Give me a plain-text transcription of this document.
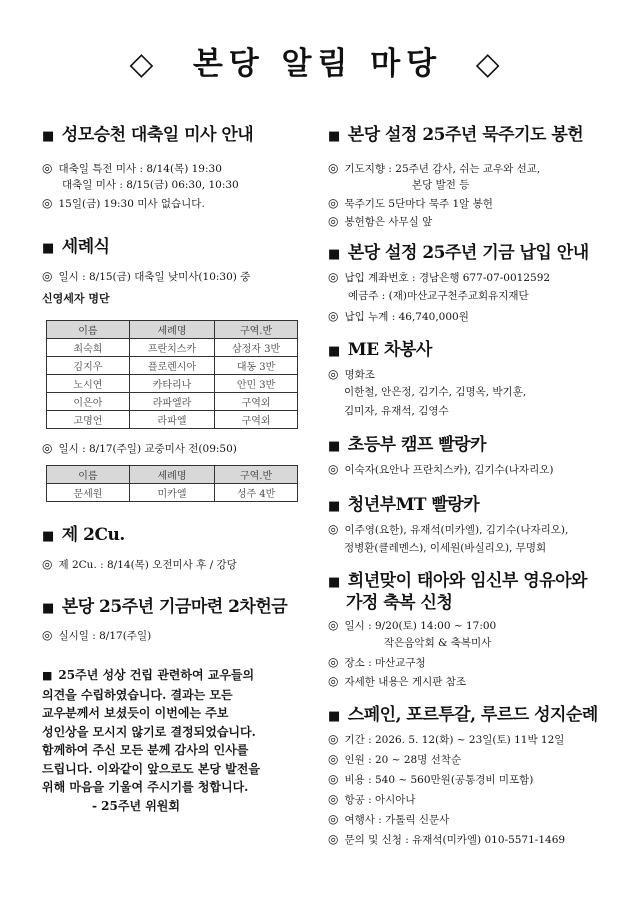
◇  본당 알림 마당  ◇
■ 성모승천 대축일 미사 안내
◎ 대축일 특전 미사 : 8/14(목) 19:30
대축일 미사 : 8/15(금) 06:30, 10:30
◎ 15일(금) 19:30 미사 없습니다.
■ 세례식
◎ 일시 : 8/15(금) 대축일 낮미사(10:30) 중
신영세자 명단
이름	세례명	구역.반
최숙희	프란치스카	삼정자 3반
김지우	플로렌시아	대동 3반
노시연	카타리나	안민 3반
이은아	라파엘라	구역외
고명언	라파엘	구역외
◎ 일시 : 8/17(주일) 교중미사 전(09:50)
이름	세례명	구역.반
문세원	미카엘	성주 4반
■ 제 2Cu.
◎ 제 2Cu. : 8/14(목) 오전미사 후 / 강당
■ 본당 25주년 기금마련 2차헌금
◎ 실시일 : 8/17(주일)
■ 25주년 성상 건립 관련하여 교우들의
의견을 수립하였습니다. 결과는 모든
교우분께서 보셨듯이 이번에는 주보
성인상을 모시지 않기로 결정되었습니다.
함께하여 주신 모든 분께 감사의 인사를
드립니다. 이와같이 앞으로도 본당 발전을
위해 마음을 기울여 주시기를 청합니다.
- 25주년 위원회
■ 본당 설정 25주년 묵주기도 봉헌
◎ 기도지향 : 25주년 감사, 쉬는 교우와 선교,
본당 발전 등
◎ 묵주기도 5단마다 묵주 1알 봉헌
◎ 봉헌함은 사무실 앞
■ 본당 설정 25주년 기금 납입 안내
◎ 납입 계좌번호 : 경남은행 677-07-0012592
예금주 : (재)마산교구천주교회유지재단
◎ 납입 누계 : 46,740,000원
■ ME 차봉사
◎ 명화조
이한철, 안은정, 김기수, 김명옥, 박기훈,
김미자, 유재석, 김영수
■ 초등부 캠프 빨랑카
◎ 이숙자(요안나 프란치스카), 김기수(나자리오)
■ 청년부MT 빨랑카
◎ 이주영(요한), 유재석(미카엘), 김기수(나자리오),
정병환(클레멘스), 이세원(바실리오), 무명회
■ 희년맞이 태아와 임신부 영유아와
가정 축복 신청
◎ 일시 : 9/20(토) 14:00 ~ 17:00
작은음악회 & 축복미사
◎ 장소 : 마산교구청
◎ 자세한 내용은 게시판 참조
■ 스페인, 포르투갈, 루르드 성지순례
◎ 기간 : 2026. 5. 12(화) ~ 23일(토) 11박 12일
◎ 인원 : 20 ~ 28명 선착순
◎ 비용 : 540 ~ 560만원(공통경비 미포함)
◎ 항공 : 아시아나
◎ 여행사 : 가톨릭 신문사
◎ 문의 및 신청 : 유재석(미카엘) 010-5571-1469
